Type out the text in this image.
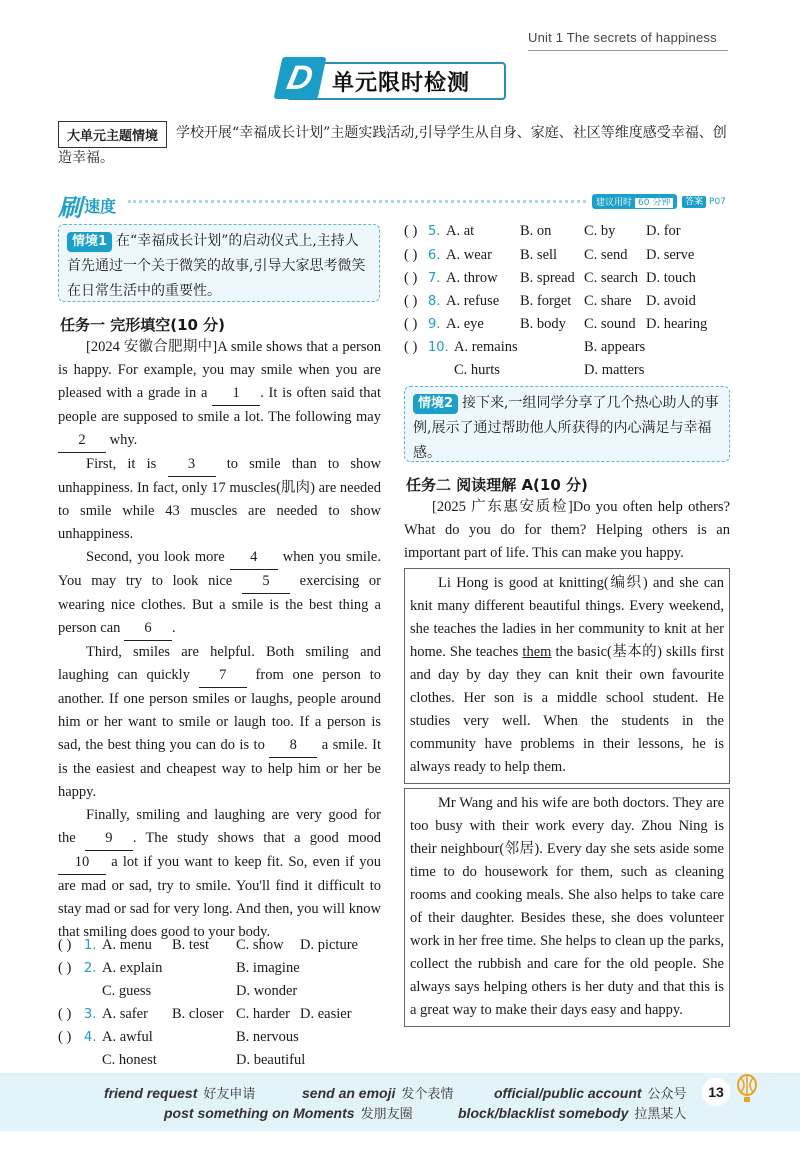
Unit 1 The secrets of happiness
D 单元限时检测
学校开展“幸福成长计划”主题实践活动,引导学生从自身、家庭、社区等维度感受幸福、创造幸福。
大单元主题情境
刷 速度	建议用时 60 分钟	答案 P07
情境1 在“幸福成长计划”的启动仪式上,主持人首先通过一个关于微笑的故事,引导大家思考微笑在日常生活中的重要性。
任务一 完形填空(10 分)

[2024 安徽合肥期中]A smile shows that a person is happy. For example, you may smile when you are pleased with a grade in a 1 . It is often said that people are supposed to smile a lot. The following may 2 why.

First, it is 3 to smile than to show unhappiness. In fact, only 17 muscles(肌肉) are needed to smile while 43 muscles are needed to show unhappiness.

Second, you look more 4 when you smile. You may try to look nice 5 exercising or wearing nice clothes. But a smile is the best thing a person can 6 .

Third, smiles are helpful. Both smiling and laughing can quickly 7 from one person to another. If one person smiles or laughs, people around him or her want to smile or laugh too. If a person is sad, the best thing you can do is to 8 a smile. It is the easiest and cheapest way to help him or her be happy.

Finally, smiling and laughing are very good for the 9 . The study shows that a good mood 10 a lot if you want to keep fit. So, even if you are mad or sad, try to smile. You'll find it difficult to stay mad or sad for very long. And then, you will know that smiling does good to your body.

( ) 1. A. menu B. test C. show D. picture
( ) 2. A. explain	B. imagine
C. guess	D. wonder
( ) 3. A. safer B. closer C. harder D. easier
( ) 4. A. awful	B. nervous
C. honest	D. beautiful
( ) 5. A. at	B. on C. by D. for
( ) 6. A. wear B. sell C. send D. serve
( ) 7. A. throw B. spread C. search D. touch
( ) 8. A. refuse B. forget C. share D. avoid
( ) 9. A. eye B. body C. sound D. hearing
( ) 10. A. remains	B. appears
C. hurts	D. matters
情境2 接下来,一组同学分享了几个热心助人的事例,展示了通过帮助他人所获得的内心满足与幸福感。
任务二 阅读理解 A(10 分)

[2025 广东惠安质检]Do you often help others? What do you do for them? Helping others is an important part of life. This can make you happy.

Li Hong is good at knitting(编织) and she can knit many different beautiful things. Every weekend, she teaches the ladies in her community to knit at her home. She teaches them the basic(基本的) skills first and day by day they can knit their own favourite clothes. Her son is a middle school student. He studies very well. When the students in the community have problems in their lessons, he is always ready to help them.

Mr Wang and his wife are both doctors. They are too busy with their work every day. Zhou Ning is their neighbour(邻居). Every day she sets aside some time to do housework for them, such as cleaning rooms and cooking meals. She also helps to take care of their daughter. Besides these, she does volunteer work in her free time. She helps to clean up the parks, collect the rubbish and care for the old people. She always says helping others is her duty and that this is a great way to make their days easy and happy.

friend request 好友申请	send an emoji 发个表情	official/public account 公众号
post something on Moments 发朋友圈	block/blacklist somebody 拉黑某人
13
